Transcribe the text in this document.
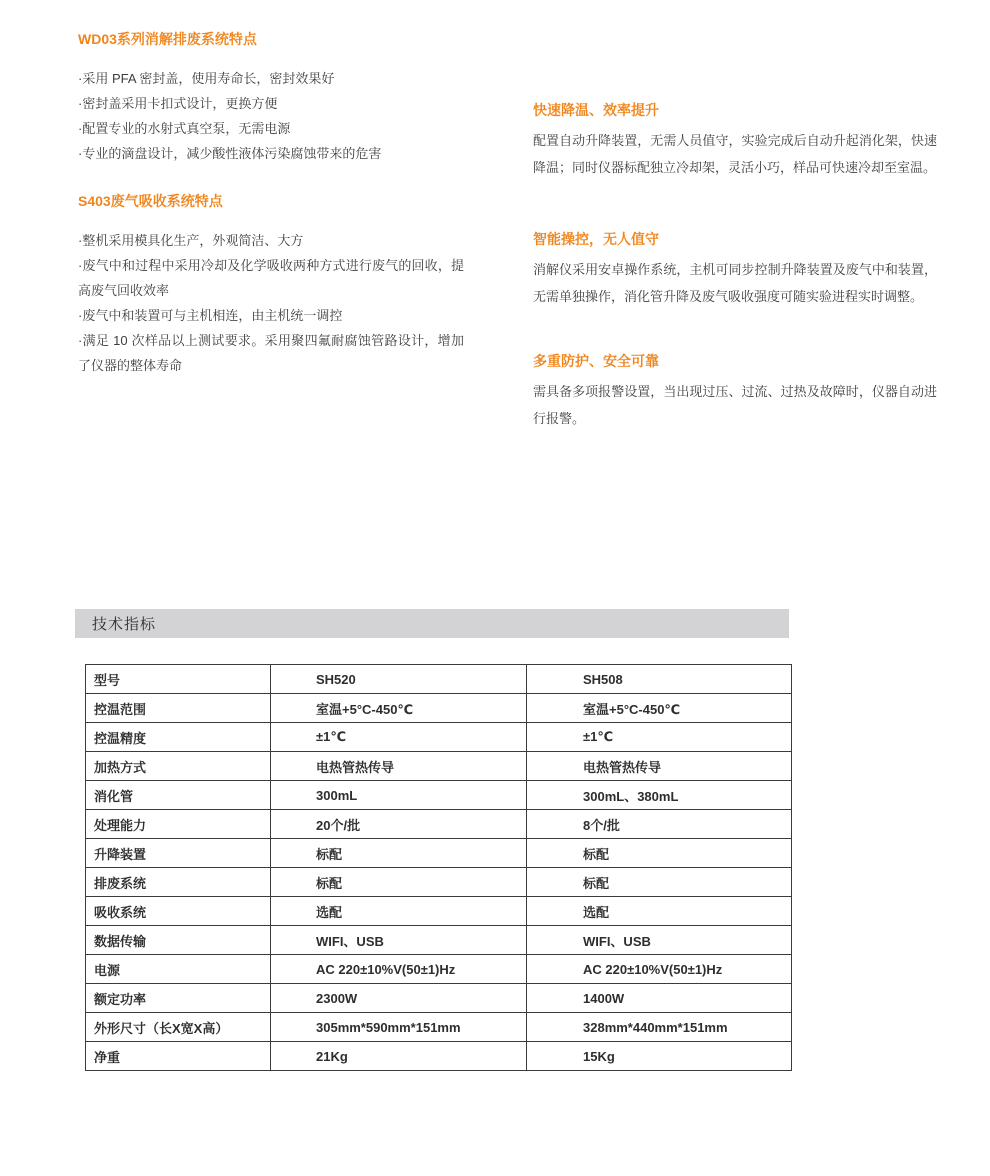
WD03系列消解排废系统特点
·采用 PFA 密封盖，使用寿命长，密封效果好
·密封盖采用卡扣式设计，更换方便
·配置专业的水射式真空泵，无需电源
·专业的滴盘设计，减少酸性液体污染腐蚀带来的危害
S403废气吸收系统特点
·整机采用模具化生产，外观简洁、大方
·废气中和过程中采用冷却及化学吸收两种方式进行废气的回收，提高废气回收效率
·废气中和装置可与主机相连，由主机统一调控
·满足 10 次样品以上测试要求。采用聚四氟耐腐蚀管路设计，增加了仪器的整体寿命
快速降温、效率提升
配置自动升降装置，无需人员值守，实验完成后自动升起消化架，快速降温；同时仪器标配独立冷却架，灵活小巧，样品可快速冷却至室温。
智能操控，无人值守
消解仪采用安卓操作系统，主机可同步控制升降装置及废气中和装置，无需单独操作，消化管升降及废气吸收强度可随实验进程实时调整。
多重防护、安全可靠
需具备多项报警设置，当出现过压、过流、过热及故障时，仪器自动进行报警。
技术指标
型号	SH520	SH508
控温范围	室温+5°C-450℃	室温+5°C-450℃
控温精度	±1℃	±1℃
加热方式	电热管热传导	电热管热传导
消化管	300mL	300mL、380mL
处理能力	20个/批	8个/批
升降装置	标配	标配
排废系统	标配	标配
吸收系统	选配	选配
数据传输	WIFI、USB	WIFI、USB
电源	AC 220±10%V(50±1)Hz	AC 220±10%V(50±1)Hz
额定功率	2300W	1400W
外形尺寸（长X宽X高）	305mm*590mm*151mm	328mm*440mm*151mm
净重	21Kg	15Kg
